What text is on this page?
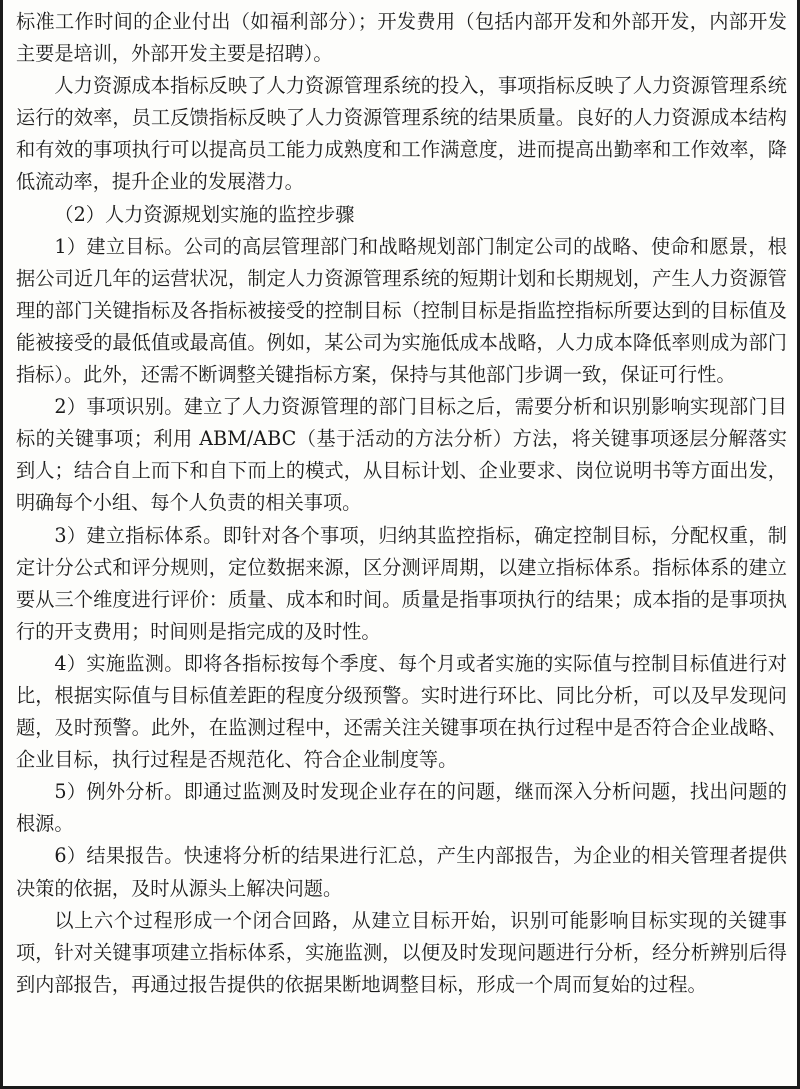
标准工作时间的企业付出（如福利部分）；开发费用（包括内部开发和外部开发，内部开发主要是培训，外部开发主要是招聘）。

人力资源成本指标反映了人力资源管理系统的投入，事项指标反映了人力资源管理系统运行的效率，员工反馈指标反映了人力资源管理系统的结果质量。良好的人力资源成本结构和有效的事项执行可以提高员工能力成熟度和工作满意度，进而提高出勤率和工作效率，降低流动率，提升企业的发展潜力。

（2）人力资源规划实施的监控步骤

1）建立目标。公司的高层管理部门和战略规划部门制定公司的战略、使命和愿景，根据公司近几年的运营状况，制定人力资源管理系统的短期计划和长期规划，产生人力资源管理的部门关键指标及各指标被接受的控制目标（控制目标是指监控指标所要达到的目标值及能被接受的最低值或最高值。例如，某公司为实施低成本战略，人力成本降低率则成为部门指标）。此外，还需不断调整关键指标方案，保持与其他部门步调一致，保证可行性。

2）事项识别。建立了人力资源管理的部门目标之后，需要分析和识别影响实现部门目标的关键事项；利用 ABM/ABC（基于活动的方法分析）方法，将关键事项逐层分解落实到人；结合自上而下和自下而上的模式，从目标计划、企业要求、岗位说明书等方面出发，明确每个小组、每个人负责的相关事项。

3）建立指标体系。即针对各个事项，归纳其监控指标，确定控制目标，分配权重，制定计分公式和评分规则，定位数据来源，区分测评周期，以建立指标体系。指标体系的建立要从三个维度进行评价：质量、成本和时间。质量是指事项执行的结果；成本指的是事项执行的开支费用；时间则是指完成的及时性。

4）实施监测。即将各指标按每个季度、每个月或者实施的实际值与控制目标值进行对比，根据实际值与目标值差距的程度分级预警。实时进行环比、同比分析，可以及早发现问题，及时预警。此外，在监测过程中，还需关注关键事项在执行过程中是否符合企业战略、企业目标，执行过程是否规范化、符合企业制度等。

5）例外分析。即通过监测及时发现企业存在的问题，继而深入分析问题，找出问题的根源。

6）结果报告。快速将分析的结果进行汇总，产生内部报告，为企业的相关管理者提供决策的依据，及时从源头上解决问题。

以上六个过程形成一个闭合回路，从建立目标开始，识别可能影响目标实现的关键事项，针对关键事项建立指标体系，实施监测，以便及时发现问题进行分析，经分析辨别后得到内部报告，再通过报告提供的依据果断地调整目标，形成一个周而复始的过程。
